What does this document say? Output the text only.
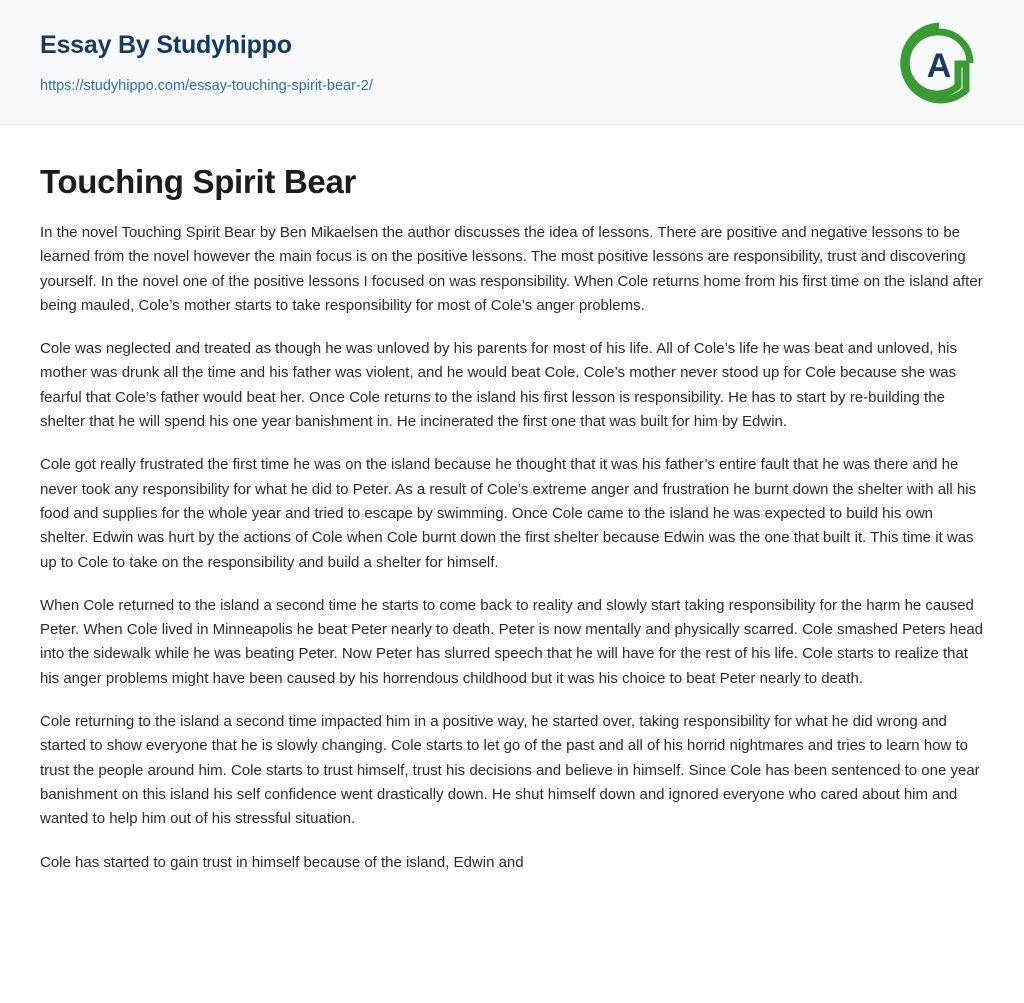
Essay By Studyhippo
https://studyhippo.com/essay-touching-spirit-bear-2/
A
Touching Spirit Bear

In the novel Touching Spirit Bear by Ben Mikaelsen the author discusses the idea of lessons. There are positive and negative lessons to be learned from the novel however the main focus is on the positive lessons. The most positive lessons are responsibility, trust and discovering yourself. In the novel one of the positive lessons I focused on was responsibility. When Cole returns home from his first time on the island after being mauled, Cole’s mother starts to take responsibility for most of Cole’s anger problems.

Cole was neglected and treated as though he was unloved by his parents for most of his life. All of Cole’s life he was beat and unloved, his mother was drunk all the time and his father was violent, and he would beat Cole. Cole’s mother never stood up for Cole because she was fearful that Cole’s father would beat her. Once Cole returns to the island his first lesson is responsibility. He has to start by re-building the shelter that he will spend his one year banishment in. He incinerated the first one that was built for him by Edwin.

Cole got really frustrated the first time he was on the island because he thought that it was his father’s entire fault that he was there and he never took any responsibility for what he did to Peter. As a result of Cole’s extreme anger and frustration he burnt down the shelter with all his food and supplies for the whole year and tried to escape by swimming. Once Cole came to the island he was expected to build his own shelter. Edwin was hurt by the actions of Cole when Cole burnt down the first shelter because Edwin was the one that built it. This time it was up to Cole to take on the responsibility and build a shelter for himself.

When Cole returned to the island a second time he starts to come back to reality and slowly start taking responsibility for the harm he caused Peter. When Cole lived in Minneapolis he beat Peter nearly to death. Peter is now mentally and physically scarred. Cole smashed Peters head into the sidewalk while he was beating Peter. Now Peter has slurred speech that he will have for the rest of his life. Cole starts to realize that his anger problems might have been caused by his horrendous childhood but it was his choice to beat Peter nearly to death.

Cole returning to the island a second time impacted him in a positive way, he started over, taking responsibility for what he did wrong and started to show everyone that he is slowly changing. Cole starts to let go of the past and all of his horrid nightmares and tries to learn how to trust the people around him. Cole starts to trust himself, trust his decisions and believe in himself. Since Cole has been sentenced to one year banishment on this island his self confidence went drastically down. He shut himself down and ignored everyone who cared about him and wanted to help him out of his stressful situation.

Cole has started to gain trust in himself because of the island, Edwin and
